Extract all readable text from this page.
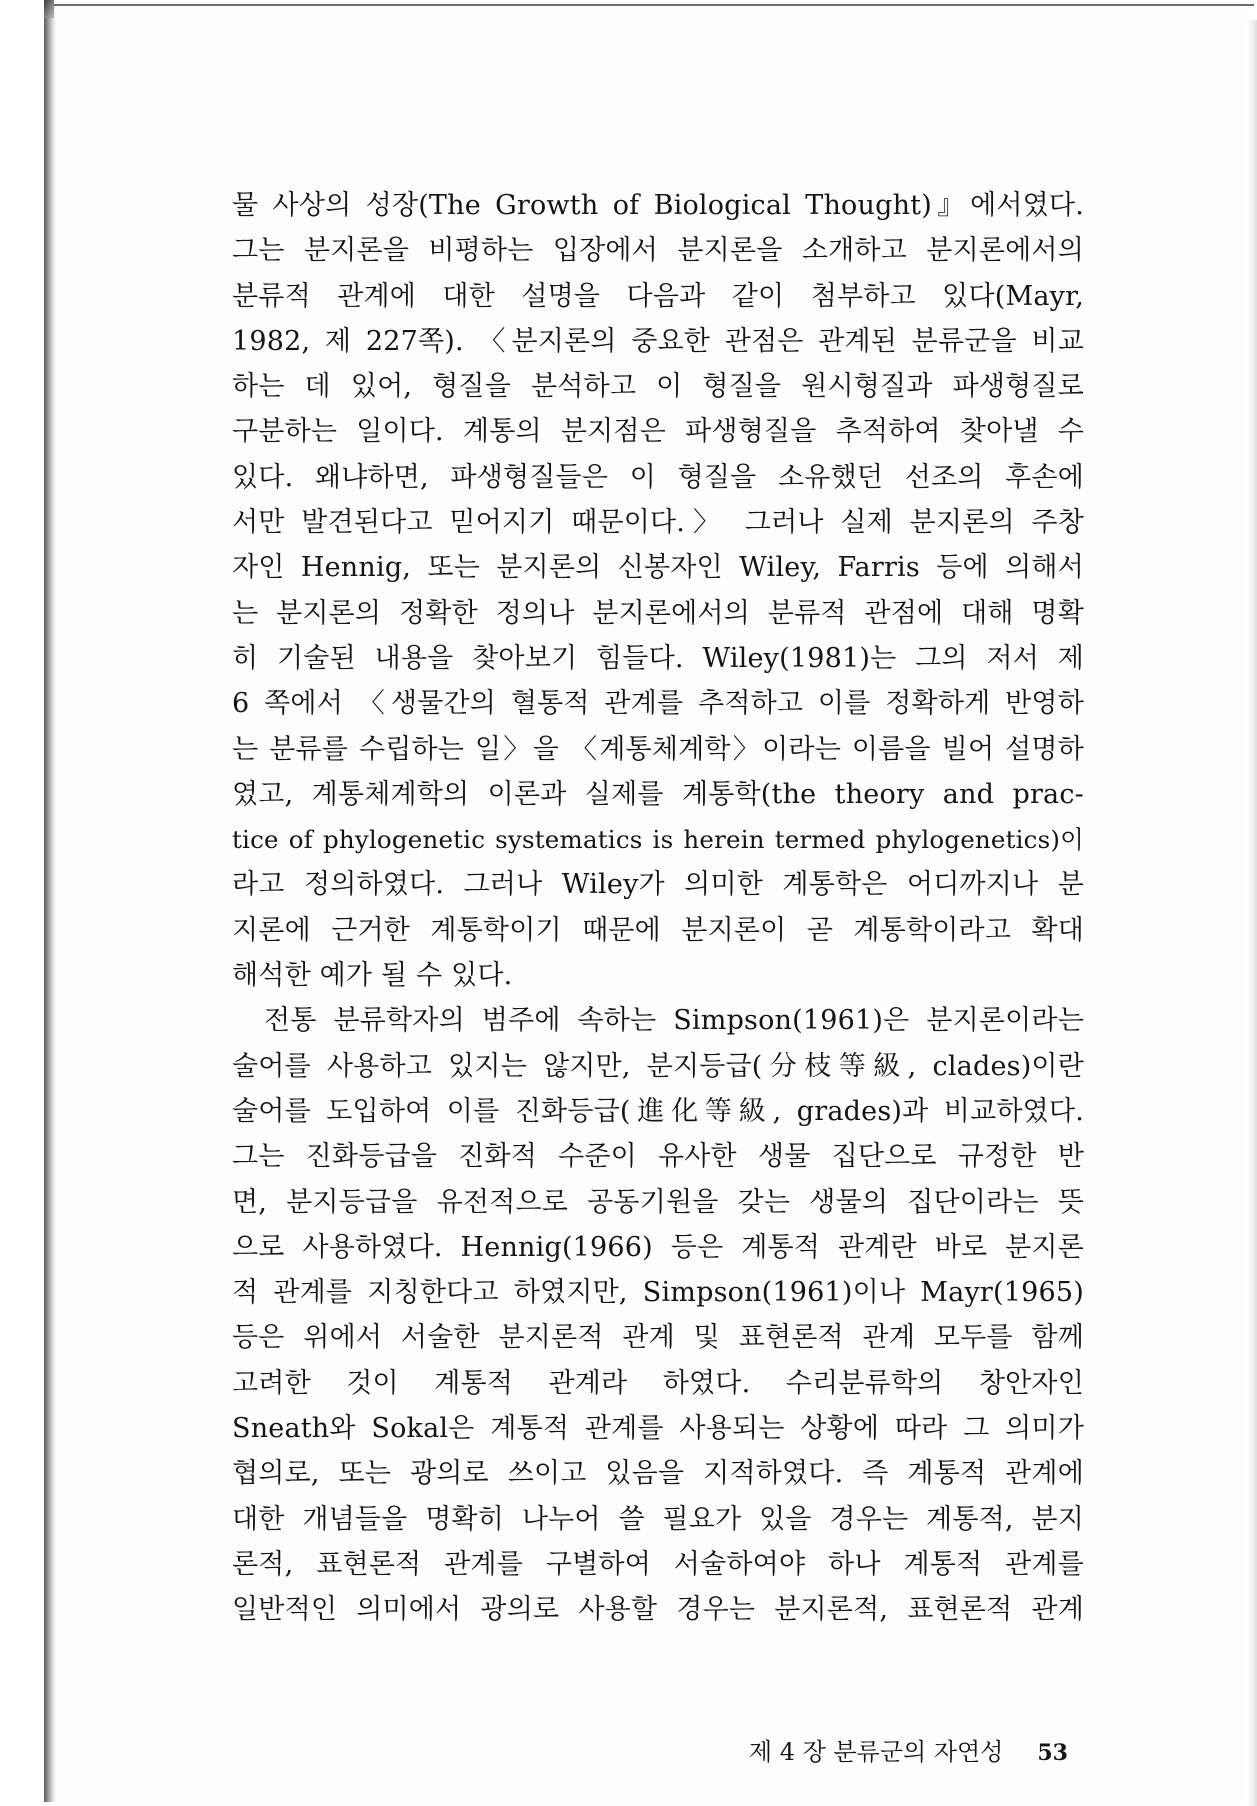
물 사상의 성장(The Growth of Biological Thought)』에서였다.
그는 분지론을 비평하는 입장에서 분지론을 소개하고 분지론에서의
분류적 관계에 대한 설명을 다음과 같이 첨부하고 있다(Mayr,
1982, 제 227쪽). 〈분지론의 중요한 관점은 관계된 분류군을 비교
하는 데 있어, 형질을 분석하고 이 형질을 원시형질과 파생형질로
구분하는 일이다. 계통의 분지점은 파생형질을 추적하여 찾아낼 수
있다. 왜냐하면, 파생형질들은 이 형질을 소유했던 선조의 후손에
서만 발견된다고 믿어지기 때문이다.〉 그러나 실제 분지론의 주창
자인 Hennig, 또는 분지론의 신봉자인 Wiley, Farris 등에 의해서
는 분지론의 정확한 정의나 분지론에서의 분류적 관점에 대해 명확
히 기술된 내용을 찾아보기 힘들다. Wiley(1981)는 그의 저서 제
6 쪽에서 〈생물간의 혈통적 관계를 추적하고 이를 정확하게 반영하
는 분류를 수립하는 일〉을 〈계통체계학〉이라는 이름을 빌어 설명하
였고, 계통체계학의 이론과 실제를 계통학(the theory and prac-
tice of phylogenetic systematics is herein termed phylogenetics)이
라고 정의하였다. 그러나 Wiley가 의미한 계통학은 어디까지나 분
지론에 근거한 계통학이기 때문에 분지론이 곧 계통학이라고 확대
해석한 예가 될 수 있다.
전통 분류학자의 범주에 속하는 Simpson(1961)은 분지론이라는
술어를 사용하고 있지는 않지만, 분지등급(分枝等級, clades)이란
술어를 도입하여 이를 진화등급(進化等級, grades)과 비교하였다.
그는 진화등급을 진화적 수준이 유사한 생물 집단으로 규정한 반
면, 분지등급을 유전적으로 공동기원을 갖는 생물의 집단이라는 뜻
으로 사용하였다. Hennig(1966) 등은 계통적 관계란 바로 분지론
적 관계를 지칭한다고 하였지만, Simpson(1961)이나 Mayr(1965)
등은 위에서 서술한 분지론적 관계 및 표현론적 관계 모두를 함께
고려한 것이 계통적 관계라 하였다. 수리분류학의 창안자인
Sneath와 Sokal은 계통적 관계를 사용되는 상황에 따라 그 의미가
협의로, 또는 광의로 쓰이고 있음을 지적하였다. 즉 계통적 관계에
대한 개념들을 명확히 나누어 쓸 필요가 있을 경우는 계통적, 분지
론적, 표현론적 관계를 구별하여 서술하여야 하나 계통적 관계를
일반적인 의미에서 광의로 사용할 경우는 분지론적, 표현론적 관계
제 4 장 분류군의 자연성 53
